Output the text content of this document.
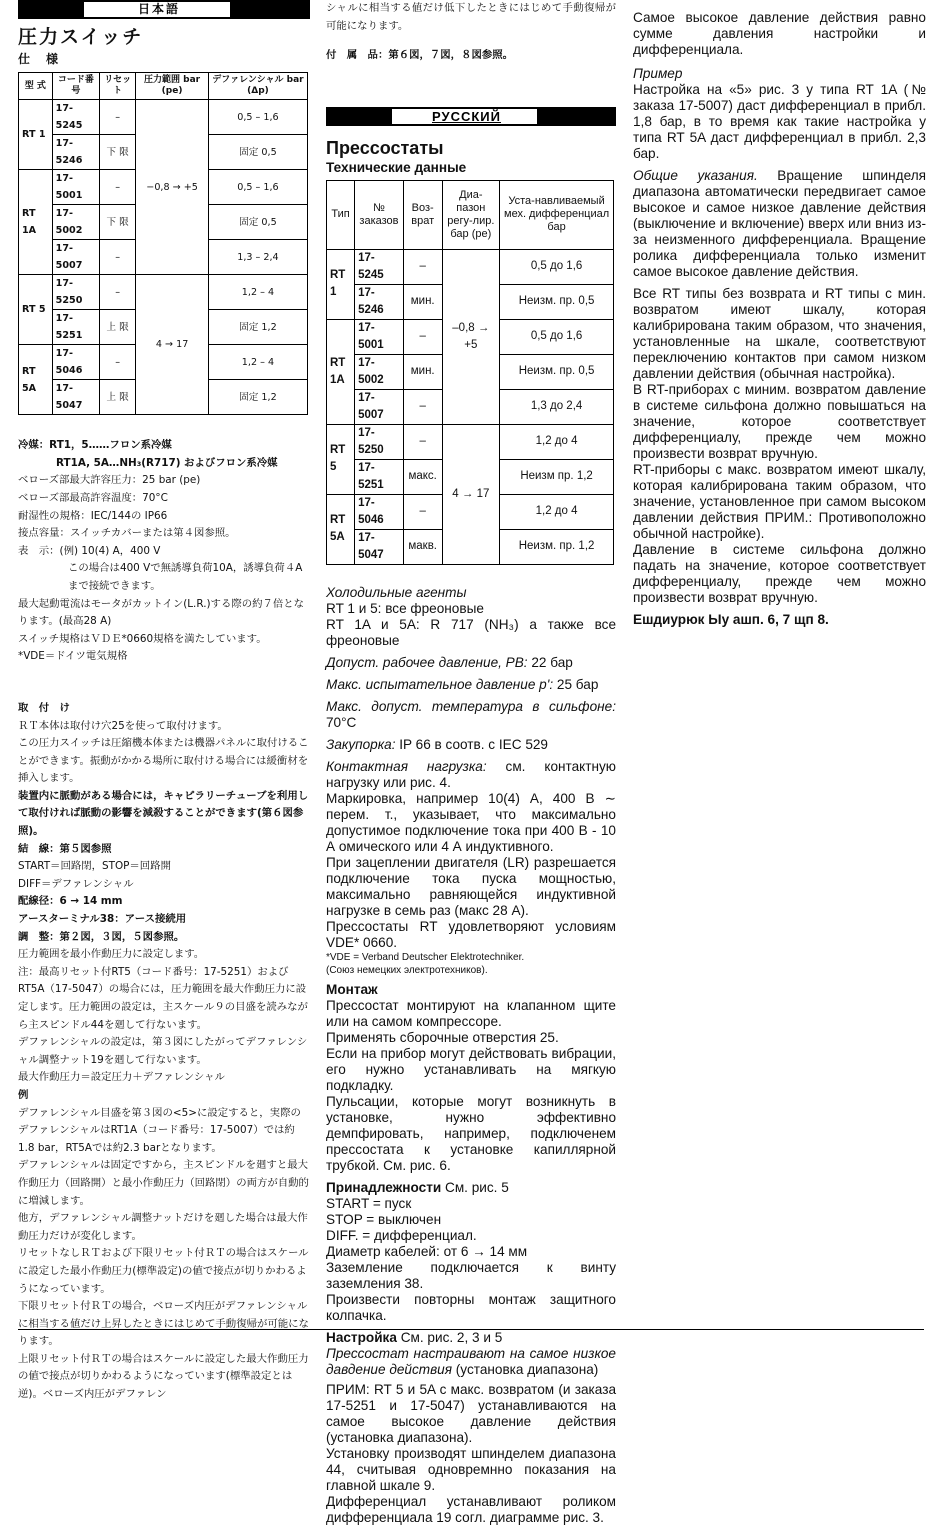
日本語
圧力スイッチ
仕様
型 式	コード番号	リセット	圧力範囲 bar (pe)	デファレンシャル bar (Δp)
RT 1	17-5245	–	−0,8 → +5	0,5 – 1,6
	17-5246	下 限		固定 0,5
RT 1A	17-5001	–		0,5 – 1,6
	17-5002	下 限		固定 0,5
	17-5007	–		1,3 – 2,4
RT 5	17-5250	–	4 → 17	1,2 – 4
	17-5251	上 限		固定 1,2
RT 5A	17-5046	–		1,2 – 4
	17-5047	上 限		固定 1,2

冷媒：RT1，5……フロン系冷媒

RT1A, 5A…NH₃(R717) およびフロン系冷媒

ベローズ部最大許容圧力：25 bar (pe)

ベローズ部最高許容温度：70°C

耐湿性の規格：IEC/144の IP66

接点容量：スイッチカバーまたは第４図参照。

表　示：(例) 10(4) A，400 V

この場合は400 Vで無誘導負荷10A，誘導負荷４Aまで接続できます。

最大起動電流はモータがカットイン(L.R.)する際の約７倍となります。(最高28 A)

スイッチ規格はＶＤＥ*0660規格を満たしています。

*VDE＝ドイツ電気規格

取　付　け

ＲＴ本体は取付け穴25を使って取付けます。

この圧力スイッチは圧縮機本体または機器パネルに取付けることができます。振動がかかる場所に取付ける場合には緩衝材を挿入します。

装置内に脈動がある場合には，キャピラリーチューブを利用して取付ければ脈動の影響を減殺することができます(第６図参照)。

結　線：第５図参照

START＝回路閉，STOP＝回路開

DIFF＝デファレンシャル

配線径：6 → 14 mm

アースターミナル38：アース接続用

調　整：第２図，３図，５図参照。

圧力範囲を最小作動圧力に設定します。

注：最高リセット付RT5（コード番号：17-5251）およびRT5A（17-5047）の場合には，圧力範囲を最大作動圧力に設定します。圧力範囲の設定は，主スケール９の目盛を読みながら主スピンドル44を廻して行ないます。

デファレンシャルの設定は，第３図にしたがってデファレンシャル調整ナット19を廻して行ないます。

最大作動圧力＝設定圧力＋デファレンシャル

例

デファレンシャル目盛を第３図の<5>に設定すると，実際のデファレンシャルはRT1A（コード番号：17-5007）では約1.8 bar，RT5Aでは約2.3 barとなります。

デファレンシャルは固定ですから，主スピンドルを廻すと最大作動圧力（回路開）と最小作動圧力（回路閉）の両方が自動的に増減します。

他方，デファレンシャル調整ナットだけを廻した場合は最大作動圧力だけが変化します。

リセットなしＲＴおよび下限リセット付ＲＴの場合はスケールに設定した最小作動圧力(標準設定)の値で接点が切りかわるようになっています。

下限リセット付ＲＴの場合，ベローズ内圧がデファレンシャルに相当する値だけ上昇したときにはじめて手動復帰が可能になります。

上限リセット付ＲＴの場合はスケールに設定した最大作動圧力の値で接点が切りかわるようになっています(標準設定とは逆)。ベローズ内圧がデファレン

シャルに相当する値だけ低下したときにはじめて手動復帰が可能になります。

付　属　品：第６図，７図，８図参照。

РУССКИЙ
Прессостаты
Технические данные
Тип	№ заказов	Воз-врат	Диа-пазон регу-лир. бар (pe)	Уста-навливаемый мех. дифференциал бар
RT 1	17-5245	–	–0,8 → +5	0,5 до 1,6
	17-5246	мин.		Неизм. пр. 0,5
RT 1A	17-5001	–		0,5 до 1,6
	17-5002	мин.		Неизм. пр. 0,5
	17-5007	–		1,3 до 2,4
RT 5	17-5250	–	4 → 17	1,2 до 4
	17-5251	макс.		Неизм пр. 1,2
RT 5A	17-5046	–		1,2 до 4
	17-5047	макв.		Неизм. пр. 1,2

Холодильные агенты

RT 1 и 5: все фреоновые

RT 1A и 5A: R 717 (NH₃) а также все фреоновые

Допуст. рабочее давление, PB: 22 бар

Макс. испытательное давление p': 25 бар

Макс. допуст. температура в сильфоне: 70°C

Закупорка: IP 66 в соотв. с IEC 529

Контактная нагрузка: см. контактную нагрузку или рис. 4.

Маркировка, например 10(4) A, 400 В ∼ перем. т., указывает, что максимально допустимое подключение тока при 400 В - 10 А омического или 4 А индуктивного.

При зацеплении двигателя (LR) разрешается подключение тока пуска мощностью, максимально равняющейся индуктивной нагрузке в семь раз (макс 28 А).

Прессостаты RT удовлетворяют условиям VDE* 0660.

*VDE = Verband Deutscher Elektrotechniker.

(Союз немецких электротехников).

Монтаж

Прессостат монтируют на клапанном щите или на самом компрессоре.

Применять сборочные отверстия 25.

Если на прибор могут действовать вибрации, его нужно устанавливать на мягкую подкладку.

Пульсации, которые могут возникнуть в установке, нужно эффективно демпфировать, например, подключенем прессостата к установке капиллярной трубкой. См. рис. 6.

Принадлежности См. рис. 5

START = пуск

STOP = выключен

DIFF. = дифференциал.

Диаметр кабелей: от 6 → 14 мм

Заземление подключается к винту заземления 38.

Произвести повторны монтаж защитного колпачка.

Настройка См. рис. 2, 3 и 5

Прессостат настраивают на самое низкое давдение действия (установка диапазона)

ПРИМ: RT 5 и 5A с макс. возвратом (и заказа 17-5251 и 17-5047) устанавливаются на самое высокое давление действия (установка диапазона).

Установку производят шпинделем диапазона 44, считывая одновремнно показания на главной шкале 9.

Дифференциал устанавливают роликом дифференциала 19 согл. диаграмме рис. 3.

Самое высокое давление действия равно сумме давления настройки и дифференциала.

Пример

Настройка на «5» рис. 3 у типа RT 1A (№ заказа 17-5007) даст дифференциал в прибл. 1,8 бар, в то время как такие настройка у типа RT 5A даст дифференциал в прибл. 2,3 бар.

Общие указания. Вращение шпинделя диапазона автоматически передвигает самое высокое и самое низкое давление действия (выключение и включение) вверх или вниз из-за неизменного дифференциала. Вращение ролика дифференциала только изменит самое высокое давление действия.

Все RT типы без возврата и RT типы с мин. возвратом имеют шкалу, которая калибрирована таким образом, что значения, установленные на шкале, соответствуют переключению контактов при самом низком давлении действия (обычная настройка).

В RT-приборах с миним. возвратом давление в системе сильфона должно повышаться на значение, которое соответствует дифференциалу, прежде чем можно произвести возврат вручную.

RT-пpибоpы с макс. возвратом имеют шкалу, которая калибрирована таким образом, что значение, установленное при самом высоком давлении действия ПРИМ.: Противоположно обычной настройке).

Давление в системе сильфона должно падать на значение, которое соответствует дифференциалу, прежде чем можно произвести возврат вручную.

Ешдиурюк Ыу ашп. 6, 7 щп 8.
